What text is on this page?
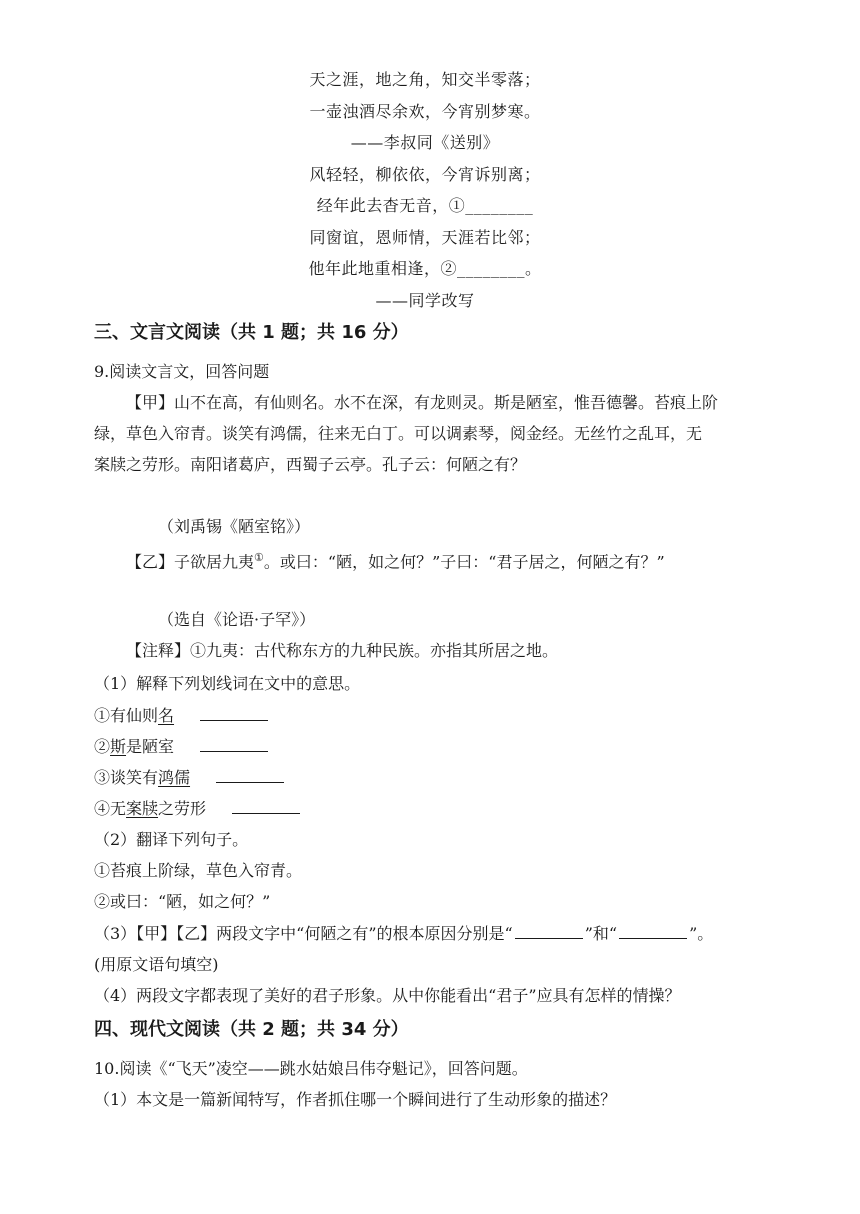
天之涯，地之角，知交半零落；
一壶浊酒尽余欢，今宵别梦寒。
——李叔同《送别》
风轻轻，柳依依，今宵诉别离；
经年此去杳无音，①________
同窗谊，恩师情，天涯若比邻；
他年此地重相逢，②________。
——同学改写
三、文言文阅读（共 1 题；共 16 分）
9.阅读文言文，回答问题
【甲】山不在高，有仙则名。水不在深，有龙则灵。斯是陋室，惟吾德馨。苔痕上阶
绿，草色入帘青。谈笑有鸿儒，往来无白丁。可以调素琴，阅金经。无丝竹之乱耳，无
案牍之劳形。南阳诸葛庐，西蜀子云亭。孔子云：何陋之有？
（刘禹锡《陋室铭》）
【乙】子欲居九夷①。或曰：“陋，如之何？”子曰：“君子居之，何陋之有？”
（选自《论语·子罕》）
【注释】①九夷：古代称东方的九种民族。亦指其所居之地。
（1）解释下列划线词在文中的意思。
①有仙则名
②斯是陋室
③谈笑有鸿儒
④无案牍之劳形
（2）翻译下列句子。
①苔痕上阶绿，草色入帘青。
②或曰：“陋，如之何？”
（3）【甲】【乙】两段文字中“何陋之有”的根本原因分别是“	”和“	”。
(用原文语句填空)
（4）两段文字都表现了美好的君子形象。从中你能看出“君子”应具有怎样的情操？
四、现代文阅读（共 2 题；共 34 分）
10.阅读《“飞天”凌空——跳水姑娘吕伟夺魁记》，回答问题。
（1）本文是一篇新闻特写，作者抓住哪一个瞬间进行了生动形象的描述？
